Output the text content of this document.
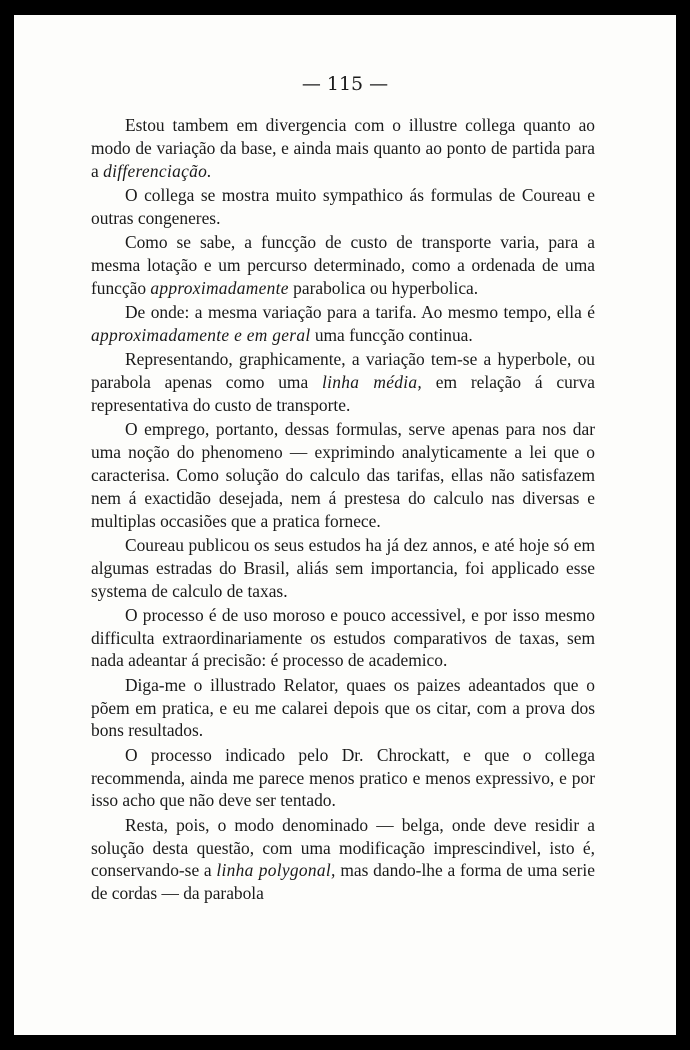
— 115 —

Estou tambem em divergencia com o illustre collega quanto ao modo de variação da base, e ainda mais quanto ao ponto de partida para a differenciação.

O collega se mostra muito sympathico ás formulas de Coureau e outras congeneres.

Como se sabe, a funcção de custo de transporte varia, para a mesma lotação e um percurso determinado, como a ordenada de uma funcção approximadamente parabolica ou hyperbolica.

De onde: a mesma variação para a tarifa. Ao mesmo tempo, ella é approximadamente e em geral uma funcção continua.

Representando, graphicamente, a variação tem-se a hyperbole, ou parabola apenas como uma linha média, em relação á curva representativa do custo de transporte.

O emprego, portanto, dessas formulas, serve apenas para nos dar uma noção do phenomeno — exprimindo analyticamente a lei que o caracterisa. Como solução do calculo das tarifas, ellas não satisfazem nem á exactidão desejada, nem á prestesa do calculo nas diversas e multiplas occasiões que a pratica fornece.

Coureau publicou os seus estudos ha já dez annos, e até hoje só em algumas estradas do Brasil, aliás sem importancia, foi applicado esse systema de calculo de taxas.

O processo é de uso moroso e pouco accessivel, e por isso mesmo difficulta extraordinariamente os estudos comparativos de taxas, sem nada adeantar á precisão: é processo de academico.

Diga-me o illustrado Relator, quaes os paizes adeantados que o põem em pratica, e eu me calarei depois que os citar, com a prova dos bons resultados.

O processo indicado pelo Dr. Chrockatt, e que o collega recommenda, ainda me parece menos pratico e menos expressivo, e por isso acho que não deve ser tentado.

Resta, pois, o modo denominado — belga, onde deve residir a solução desta questão, com uma modificação imprescindivel, isto é, conservando-se a linha polygonal, mas dando-lhe a forma de uma serie de cordas — da parabola
